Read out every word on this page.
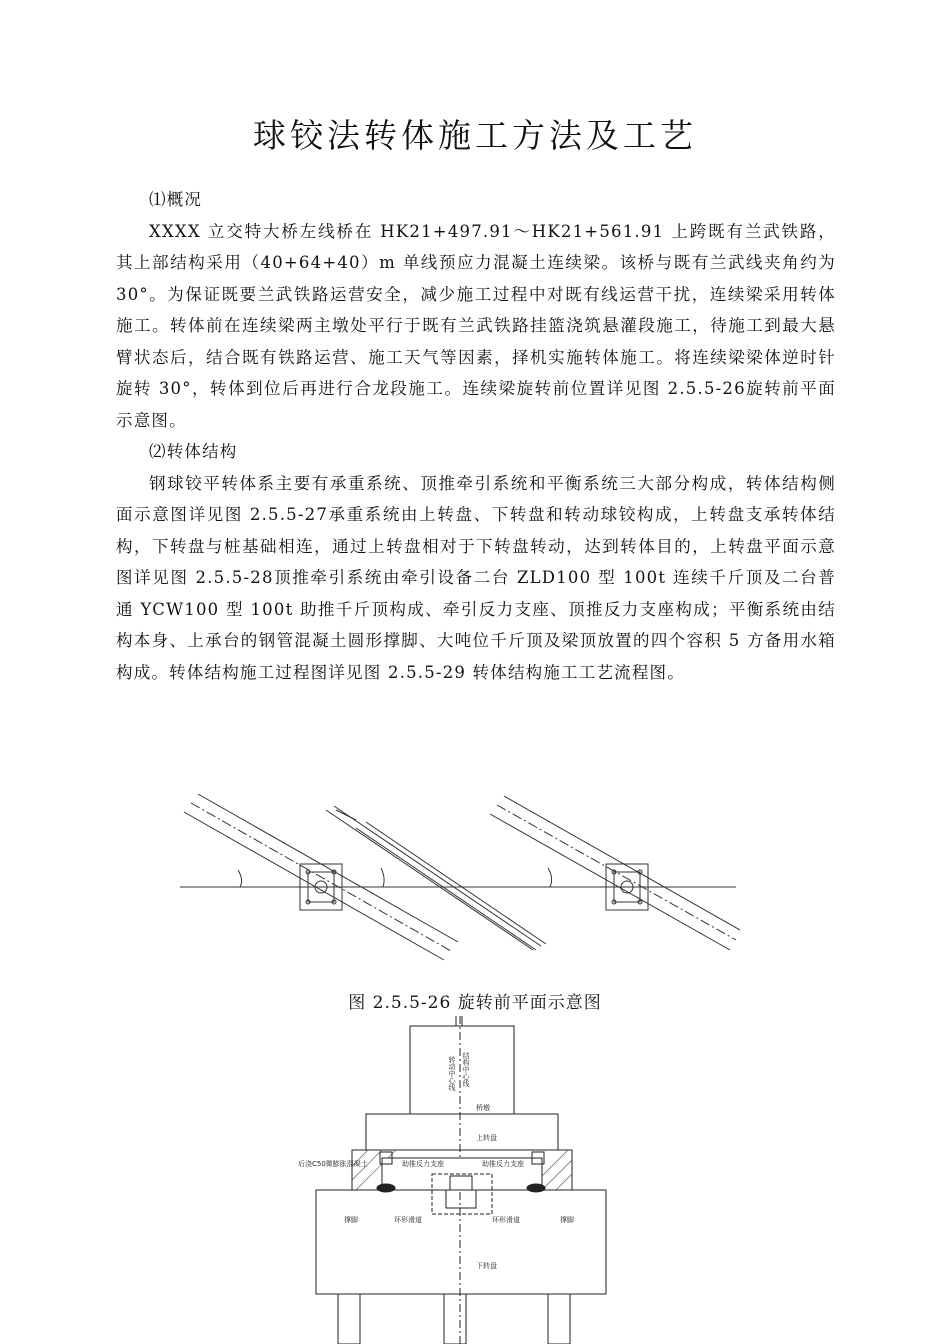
球铰法转体施工方法及工艺

⑴概况

XXXX 立交特大桥左线桥在 HK21+497.91～HK21+561.91 上跨既有兰武铁路，其上部结构采用（40+64+40）m 单线预应力混凝土连续梁。该桥与既有兰武线夹角约为 30°。为保证既要兰武铁路运营安全，减少施工过程中对既有线运营干扰，连续梁采用转体施工。转体前在连续梁两主墩处平行于既有兰武铁路挂篮浇筑悬灌段施工，待施工到最大悬臂状态后，结合既有铁路运营、施工天气等因素，择机实施转体施工。将连续梁梁体逆时针旋转 30°，转体到位后再进行合龙段施工。连续梁旋转前位置详见图 2.5.5-26旋转前平面示意图。

⑵转体结构

钢球铰平转体系主要有承重系统、顶推牵引系统和平衡系统三大部分构成，转体结构侧面示意图详见图 2.5.5-27承重系统由上转盘、下转盘和转动球铰构成，上转盘支承转体结构，下转盘与桩基础相连，通过上转盘相对于下转盘转动，达到转体目的，上转盘平面示意图详见图 2.5.5-28顶推牵引系统由牵引设备二台 ZLD100 型 100t 连续千斤顶及二台普通 YCW100 型 100t 助推千斤顶构成、牵引反力支座、顶推反力支座构成；平衡系统由结构本身、上承台的钢管混凝土圆形撑脚、大吨位千斤顶及梁顶放置的四个容积 5 方备用水箱构成。转体结构施工过程图详见图 2.5.5-29 转体结构施工工艺流程图。

图 2.5.5-26 旋转前平面示意图
转动中心线 结构中心线
桥墩
上转盘
后浇C50微膨胀混凝土	助推反力支座	助推反力支座
撑脚	环形滑道	环形滑道	撑脚
下转盘
